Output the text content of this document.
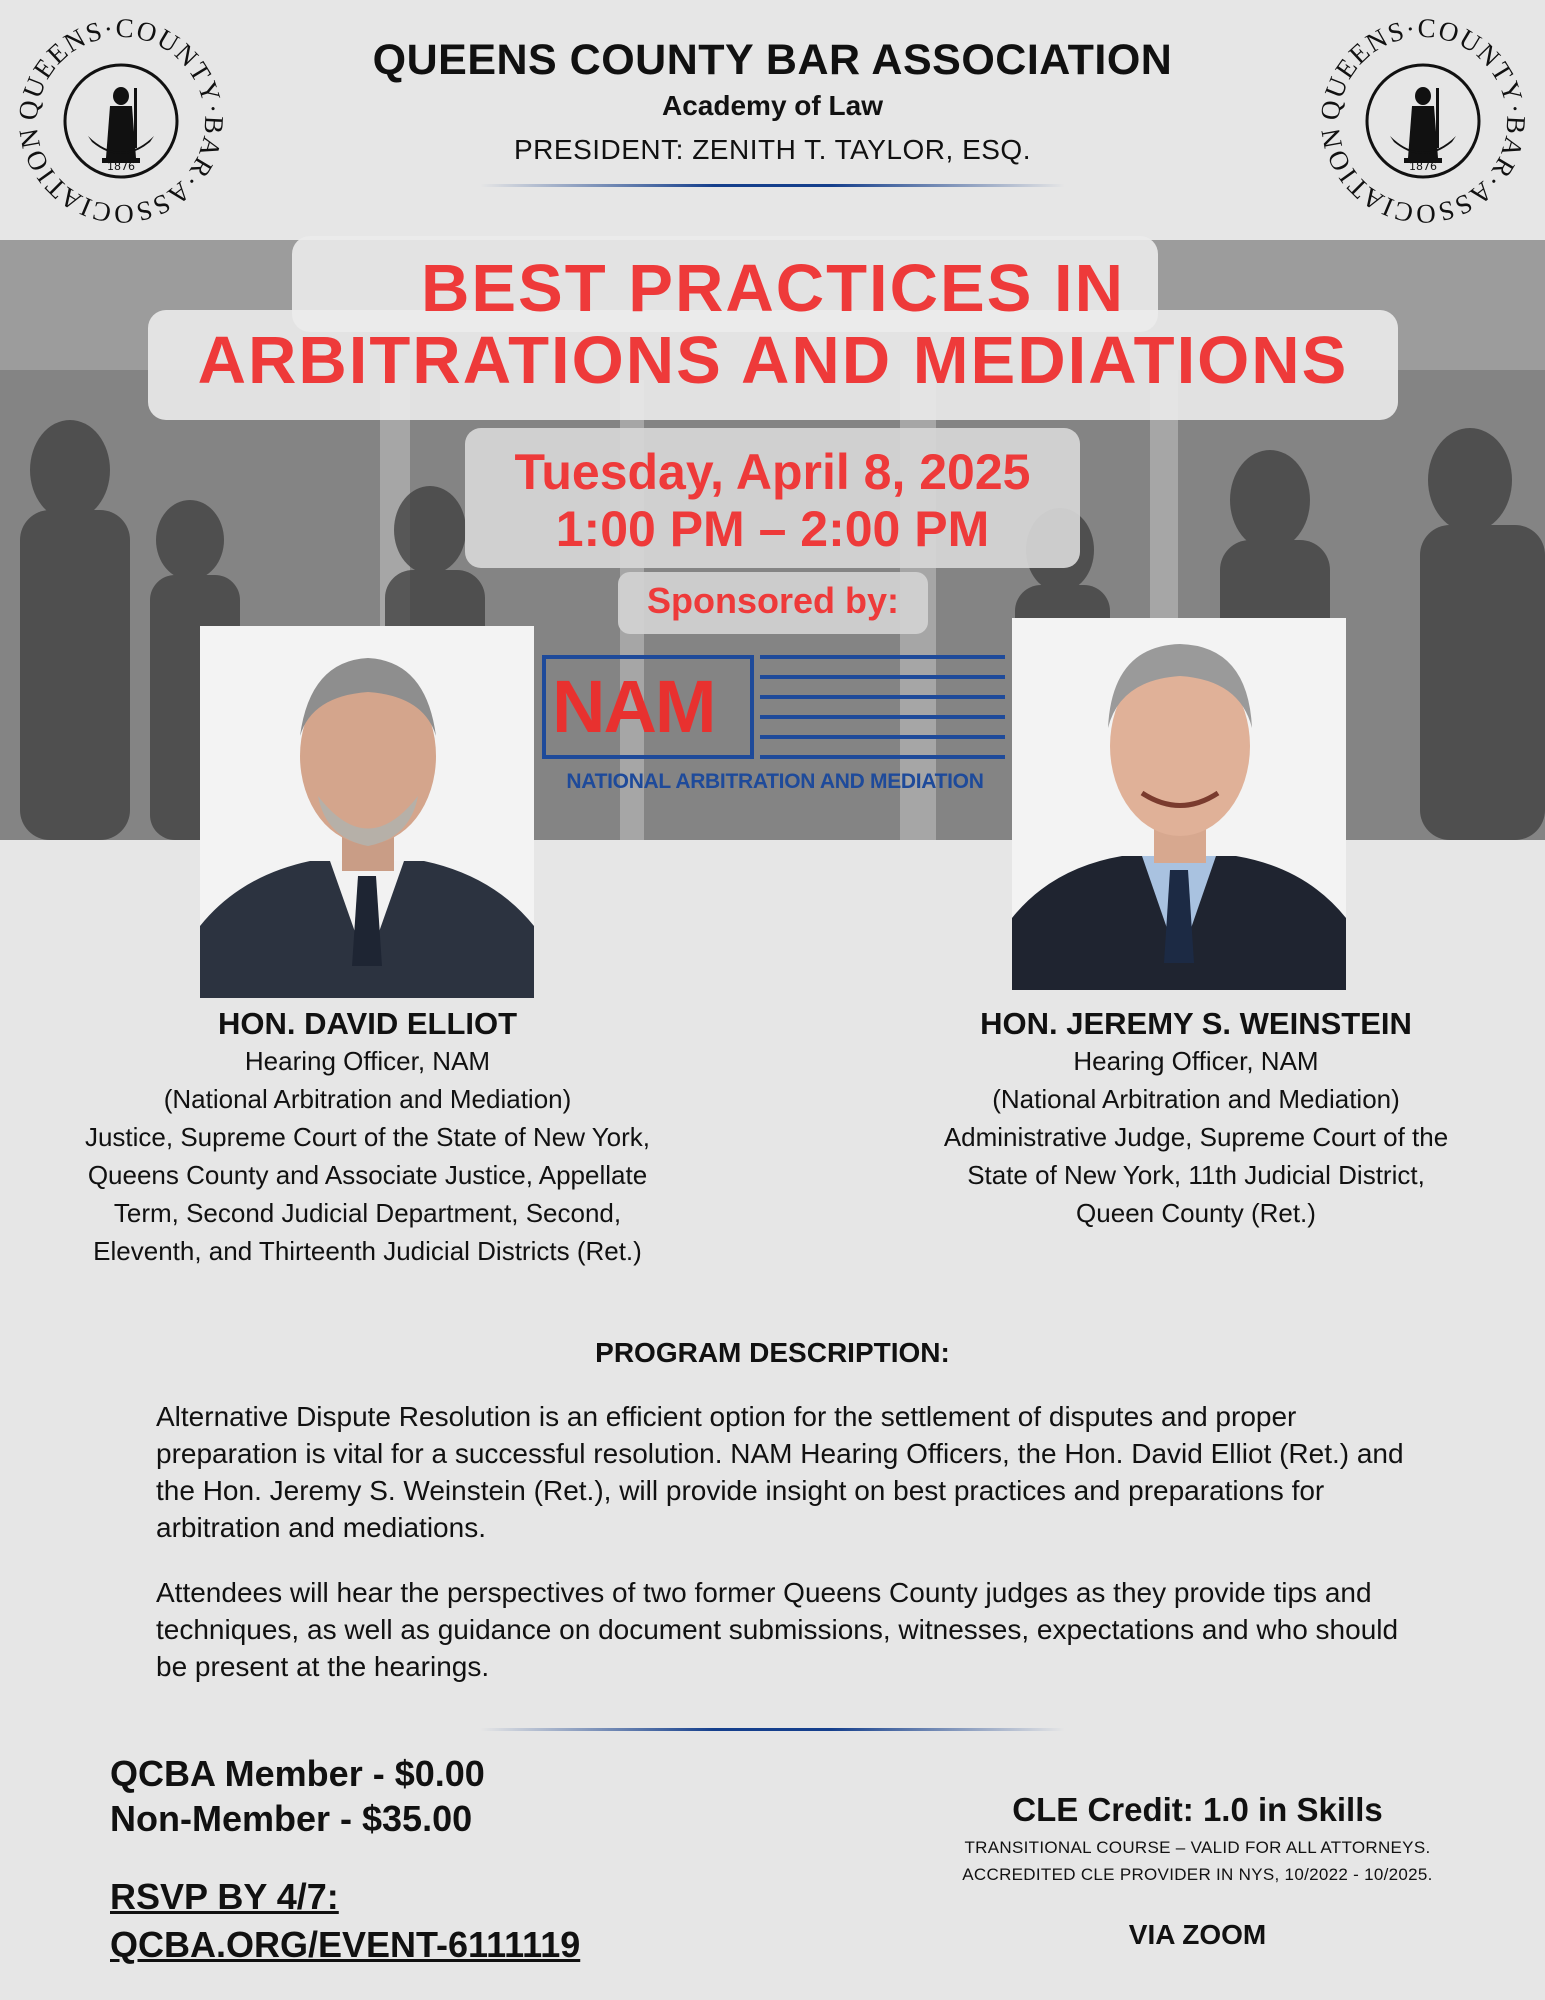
UEENS·COUNTY AR·ASSOCIATIO	1876
UEENS·COUNTY AR·ASSOCIATIO	1876
QUEENS COUNTY BAR ASSOCIATION
Academy of Law
PRESIDENT: ZENITH T. TAYLOR, ESQ.
BEST PRACTICES IN
ARBITRATIONS AND MEDIATIONS
Tuesday, April 8, 2025
1:00 PM – 2:00 PM
Sponsored by:
NAM
NATIONAL ARBITRATION AND MEDIATION
HON. DAVID ELLIOT
Hearing Officer, NAM
(National Arbitration and Mediation)
Justice, Supreme Court of the State of New York,
Queens County and Associate Justice, Appellate
Term, Second Judicial Department, Second,
Eleventh, and Thirteenth Judicial Districts (Ret.)
HON. JEREMY S. WEINSTEIN
Hearing Officer, NAM
(National Arbitration and Mediation)
Administrative Judge, Supreme Court of the
State of New York, 11th Judicial District,
Queen County (Ret.)
PROGRAM DESCRIPTION:
Alternative Dispute Resolution is an efficient option for the settlement of disputes and proper preparation is vital for a successful resolution. NAM Hearing Officers, the Hon. David Elliot (Ret.) and the Hon. Jeremy S. Weinstein (Ret.), will provide insight on best practices and preparations for arbitration and mediations.
Attendees will hear the perspectives of two former Queens County judges as they provide tips and techniques, as well as guidance on document submissions, witnesses, expectations and who should be present at the hearings.
QCBA Member - $0.00
Non-Member - $35.00
RSVP BY 4/7:
QCBA.ORG/EVENT-6111119
CLE Credit: 1.0 in Skills
TRANSITIONAL COURSE – VALID FOR ALL ATTORNEYS.
ACCREDITED CLE PROVIDER IN NYS, 10/2022 - 10/2025.
VIA ZOOM
